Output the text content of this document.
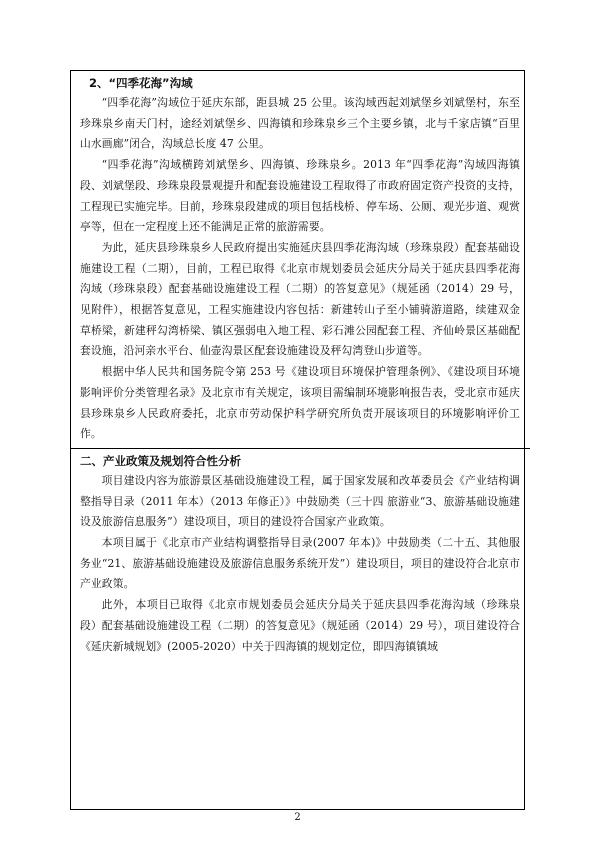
2、“四季花海”沟域

“四季花海”沟域位于延庆东部，距县城 25 公里。该沟域西起刘斌堡乡刘斌堡村，东至珍珠泉乡南天门村，途经刘斌堡乡、四海镇和珍珠泉乡三个主要乡镇，北与千家店镇“百里山水画廊”闭合，沟域总长度 47 公里。

“四季花海”沟域横跨刘斌堡乡、四海镇、珍珠泉乡。2013 年“四季花海”沟域四海镇段、刘斌堡段、珍珠泉段景观提升和配套设施建设工程取得了市政府固定资产投资的支持，工程现已实施完毕。目前，珍珠泉段建成的项目包括栈桥、停车场、公厕、观光步道、观赏亭等，但在一定程度上还不能满足正常的旅游需要。

为此，延庆县珍珠泉乡人民政府提出实施延庆县四季花海沟域（珍珠泉段）配套基础设施建设工程（二期），目前，工程已取得《北京市规划委员会延庆分局关于延庆县四季花海沟域（珍珠泉段）配套基础设施建设工程（二期）的答复意见》（规延函（2014）29 号，见附件），根据答复意见，工程实施建设内容包括：新建转山子至小铺骑游道路，续建双金草桥梁，新建秤勾湾桥梁、镇区强弱电入地工程、彩石滩公园配套工程、齐仙岭景区基础配套设施，沿河亲水平台、仙壶沟景区配套设施建设及秤勾湾登山步道等。

根据中华人民共和国务院令第 253 号《建设项目环境保护管理条例》、《建设项目环境影响评价分类管理名录》及北京市有关规定，该项目需编制环境影响报告表，受北京市延庆县珍珠泉乡人民政府委托，北京市劳动保护科学研究所负责开展该项目的环境影响评价工作。

二、产业政策及规划符合性分析

项目建设内容为旅游景区基础设施建设工程，属于国家发展和改革委员会《产业结构调整指导目录（2011 年本）（2013 年修正）》中鼓励类（三十四 旅游业“3、旅游基础设施建设及旅游信息服务”）建设项目，项目的建设符合国家产业政策。

本项目属于《北京市产业结构调整指导目录(2007 年本)》中鼓励类（二十五、其他服务业“21、旅游基础设施建设及旅游信息服务系统开发”）建设项目，项目的建设符合北京市产业政策。

此外，本项目已取得《北京市规划委员会延庆分局关于延庆县四季花海沟域（珍珠泉段）配套基础设施建设工程（二期）的答复意见》（规延函（2014）29 号），项目建设符合《延庆新城规划》(2005-2020）中关于四海镇的规划定位，即四海镇镇域

2
